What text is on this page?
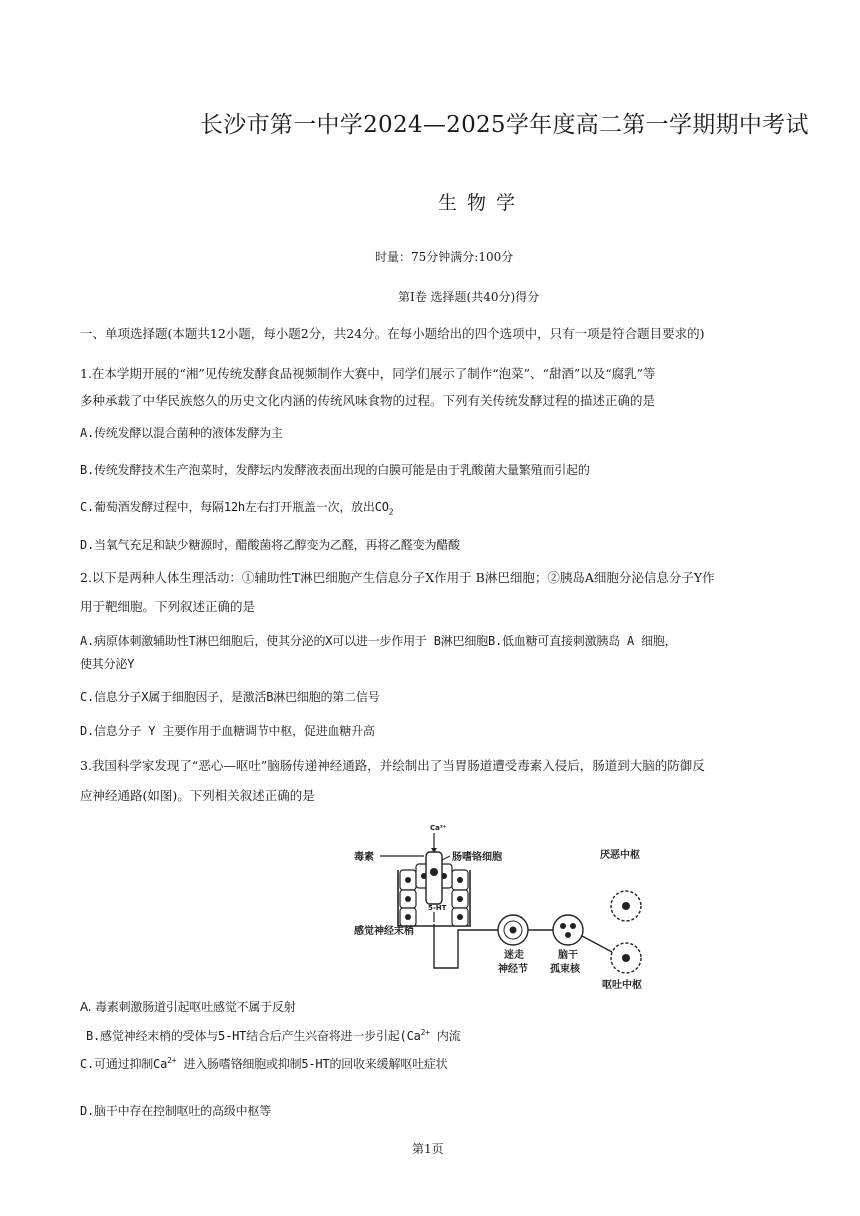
长沙市第一中学2024—2025学年度高二第一学期期中考试
生物学
时量：75分钟满分:100分
第Ⅰ卷 选择题(共40分)得分
一、单项选择题(本题共12小题，每小题2分，共24分。在每小题给出的四个选项中，只有一项是符合题目要求的)
1.在本学期开展的“湘”见传统发酵食品视频制作大赛中，同学们展示了制作“泡菜”、“甜酒”以及“腐乳”等
多种承载了中华民族悠久的历史文化内涵的传统风味食物的过程。下列有关传统发酵过程的描述正确的是
A.传统发酵以混合菌种的液体发酵为主
B.传统发酵技术生产泡菜时，发酵坛内发酵液表面出现的白膜可能是由于乳酸菌大量繁殖而引起的
C.葡萄酒发酵过程中，每隔12h左右打开瓶盖一次，放出$CO_2$
D.当氧气充足和缺少糖源时，醋酸菌将乙醇变为乙醛，再将乙醛变为醋酸
2.以下是两种人体生理活动：①辅助性T淋巴细胞产生信息分子X作用于 B淋巴细胞；②胰岛A细胞分泌信息分子Y作
用于靶细胞。下列叙述正确的是
A.病原体刺激辅助性T淋巴细胞后，使其分泌的X可以进一步作用于 B淋巴细胞B.低血糖可直接刺激胰岛 A 细胞，
使其分泌Y
C.信息分子X属于细胞因子，是激活B淋巴细胞的第二信号
D.信息分子 Y 主要作用于血糖调节中枢，促进血糖升高
3.我国科学家发现了“恶心—呕吐”脑肠传递神经通路，并绘制出了当胃肠道遭受毒素入侵后，肠道到大脑的防御反
应神经通路(如图)。下列相关叙述正确的是
Ca²⁺
毒素	肠嗜铬细胞
5-HT
感觉神经末梢
迷走
神经节
脑干
孤束核
厌恶中枢
呕吐中枢
A. 毒素刺激肠道引起呕吐感觉不属于反射
B.感觉神经末梢的受体与5-HT结合后产生兴奋将进一步引起($Ca^{2+}$ 内流
C.可通过抑制$Ca^{2+}$ 进入肠嗜铬细胞或抑制5-HT的回收来缓解呕吐症状
D.脑干中存在控制呕吐的高级中枢等
第1页
